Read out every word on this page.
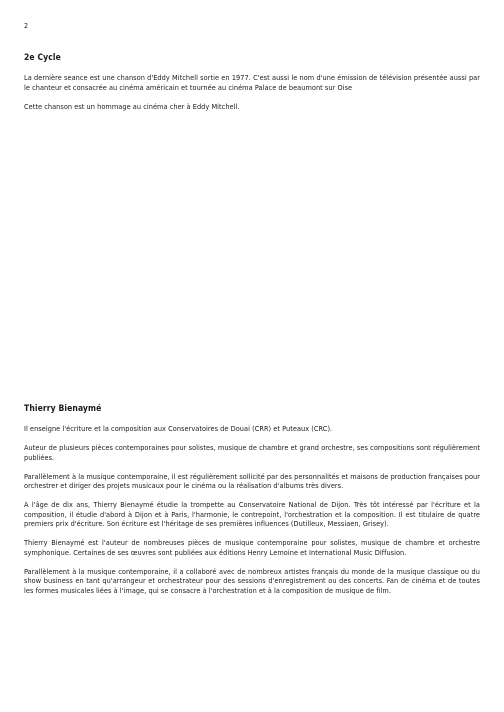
2
2e Cycle

La dernière seance est une chanson d'Eddy Mitchell sortie en 1977. C'est aussi le nom d'une émission de télévision présentée aussi par le chanteur et consacrée au cinéma américain et tournée au cinéma Palace de beaumont sur Oise

Cette chanson est un hommage au cinéma cher à Eddy Mitchell.

Thierry Bienaymé

Il enseigne l'écriture et la composition aux Conservatoires de Douai (CRR) et Puteaux (CRC).

Auteur de plusieurs pièces contemporaines pour solistes, musique de chambre et grand orchestre, ses compositions sont régulièrement publiées.

Parallèlement à la musique contemporaine, il est régulièrement sollicité par des personnalités et maisons de production françaises pour orchestrer et diriger des projets musicaux pour le cinéma ou la réalisation d'albums très divers.

A l'âge de dix ans, Thierry Bienaymé étudie la trompette au Conservatoire National de Dijon. Très tôt intéressé par l'écriture et la composition, il étudie d'abord à Dijon et à Paris, l'harmonie, le contrepoint, l'orchestration et la composition. Il est titulaire de quatre premiers prix d'écriture. Son écriture est l'héritage de ses premières influences (Dutilleux, Messiaen, Grisey).

Thierry Bienaymé est l'auteur de nombreuses pièces de musique contemporaine pour solistes, musique de chambre et orchestre symphonique. Certaines de ses œuvres sont publiées aux éditions Henry Lemoine et International Music Diffusion.

Parallèlement à la musique contemporaine, il a collaboré avec de nombreux artistes français du monde de la musique classique ou du show business en tant qu'arrangeur et orchestrateur pour des sessions d'enregistrement ou des concerts. Fan de cinéma et de toutes les formes musicales liées à l'image, qui se consacre à l'orchestration et à la composition de musique de film.
